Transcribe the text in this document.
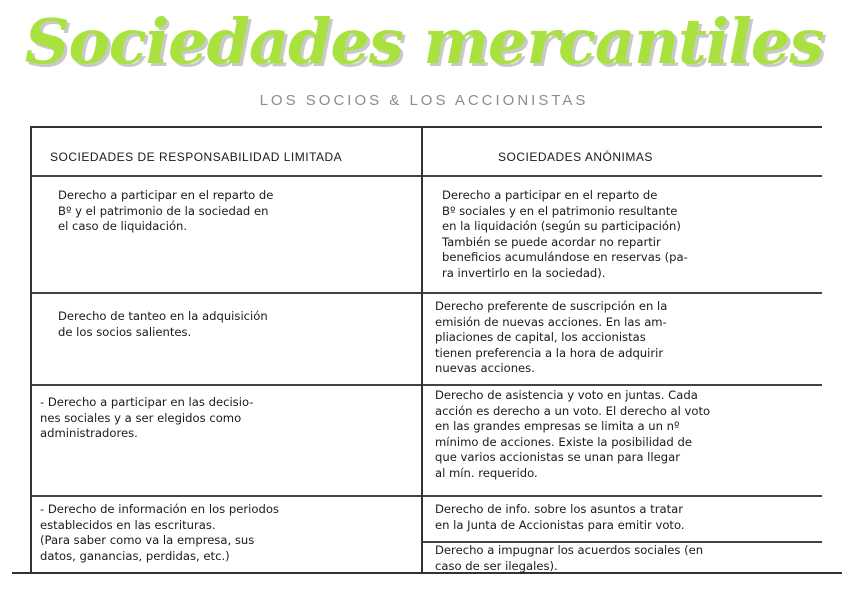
Sociedades mercantiles
LOS SOCIOS & LOS ACCIONISTAS
SOCIEDADES DE RESPONSABILIDAD LIMITADA	SOCIEDADES ANÓNIMAS
Derecho a participar en el reparto de
Bº y el patrimonio de la sociedad en
el caso de liquidación.
Derecho de tanteo en la adquisición
de los socios salientes.
- Derecho a participar en las decisio-
nes sociales y a ser elegidos como
administradores.
- Derecho de información en los periodos
establecidos en las escrituras.
(Para saber como va la empresa, sus
datos, ganancias, perdidas, etc.)
Derecho a participar en el reparto de
Bº sociales y en el patrimonio resultante
en la liquidación (según su participación)
También se puede acordar no repartir
beneficios acumulándose en reservas (pa-
ra invertirlo en la sociedad).
Derecho preferente de suscripción en la
emisión de nuevas acciones. En las am-
pliaciones de capital, los accionistas
tienen preferencia a la hora de adquirir
nuevas acciones.
Derecho de asistencia y voto en juntas. Cada
acción es derecho a un voto. El derecho al voto
en las grandes empresas se limita a un nº
mínimo de acciones. Existe la posibilidad de
que varios accionistas se unan para llegar
al mín. requerido.
Derecho de info. sobre los asuntos a tratar
en la Junta de Accionistas para emitir voto.
Derecho a impugnar los acuerdos sociales (en
caso de ser ilegales).
